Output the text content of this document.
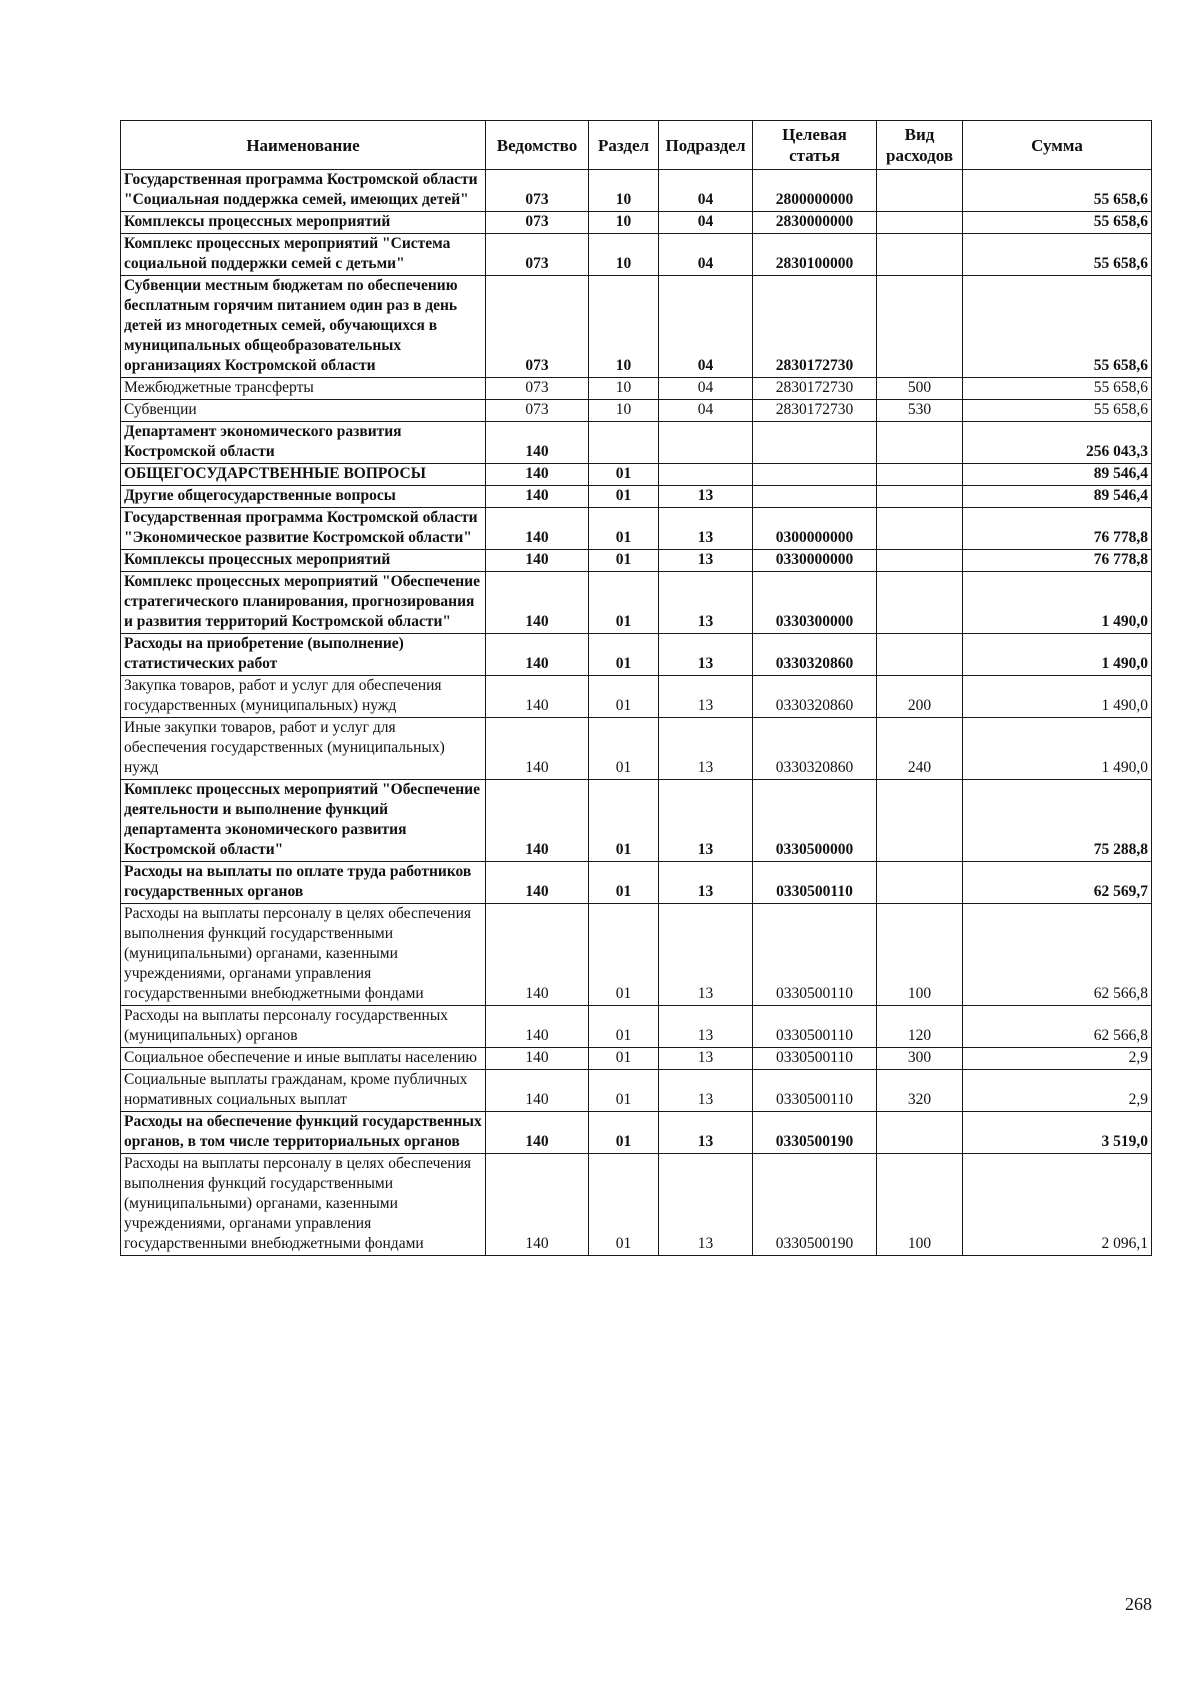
Наименование	Ведомство	Раздел	Подраздел	Целевая статья	Вид расходов	Сумма
Государственная программа Костромской области "Социальная поддержка семей, имеющих детей"	073	10	04	2800000000		55 658,6
Комплексы процессных мероприятий	073	10	04	2830000000		55 658,6
Комплекс процессных мероприятий "Система социальной поддержки семей с детьми"	073	10	04	2830100000		55 658,6
Субвенции местным бюджетам по обеспечению бесплатным горячим питанием один раз в день детей из многодетных семей, обучающихся в муниципальных общеобразовательных организациях Костромской области	073	10	04	2830172730		55 658,6
Межбюджетные трансферты	073	10	04	2830172730	500	55 658,6
Субвенции	073	10	04	2830172730	530	55 658,6
Департамент экономического развития Костромской области	140					256 043,3
ОБЩЕГОСУДАРСТВЕННЫЕ ВОПРОСЫ	140	01				89 546,4
Другие общегосударственные вопросы	140	01	13			89 546,4
Государственная программа Костромской области "Экономическое развитие Костромской области"	140	01	13	0300000000		76 778,8
Комплексы процессных мероприятий	140	01	13	0330000000		76 778,8
Комплекс процессных мероприятий "Обеспечение стратегического планирования, прогнозирования и развития территорий Костромской области"	140	01	13	0330300000		1 490,0
Расходы на приобретение (выполнение) статистических работ	140	01	13	0330320860		1 490,0
Закупка товаров, работ и услуг для обеспечения государственных (муниципальных) нужд	140	01	13	0330320860	200	1 490,0
Иные закупки товаров, работ и услуг для обеспечения государственных (муниципальных) нужд	140	01	13	0330320860	240	1 490,0
Комплекс процессных мероприятий "Обеспечение деятельности и выполнение функций департамента экономического развития Костромской области"	140	01	13	0330500000		75 288,8
Расходы на выплаты по оплате труда работников государственных органов	140	01	13	0330500110		62 569,7
Расходы на выплаты персоналу в целях обеспечения выполнения функций государственными (муниципальными) органами, казенными учреждениями, органами управления государственными внебюджетными фондами	140	01	13	0330500110	100	62 566,8
Расходы на выплаты персоналу государственных (муниципальных) органов	140	01	13	0330500110	120	62 566,8
Социальное обеспечение и иные выплаты населению	140	01	13	0330500110	300	2,9
Социальные выплаты гражданам, кроме публичных нормативных социальных выплат	140	01	13	0330500110	320	2,9
Расходы на обеспечение функций государственных органов, в том числе территориальных органов	140	01	13	0330500190		3 519,0
Расходы на выплаты персоналу в целях обеспечения выполнения функций государственными (муниципальными) органами, казенными учреждениями, органами управления государственными внебюджетными фондами	140	01	13	0330500190	100	2 096,1
268
